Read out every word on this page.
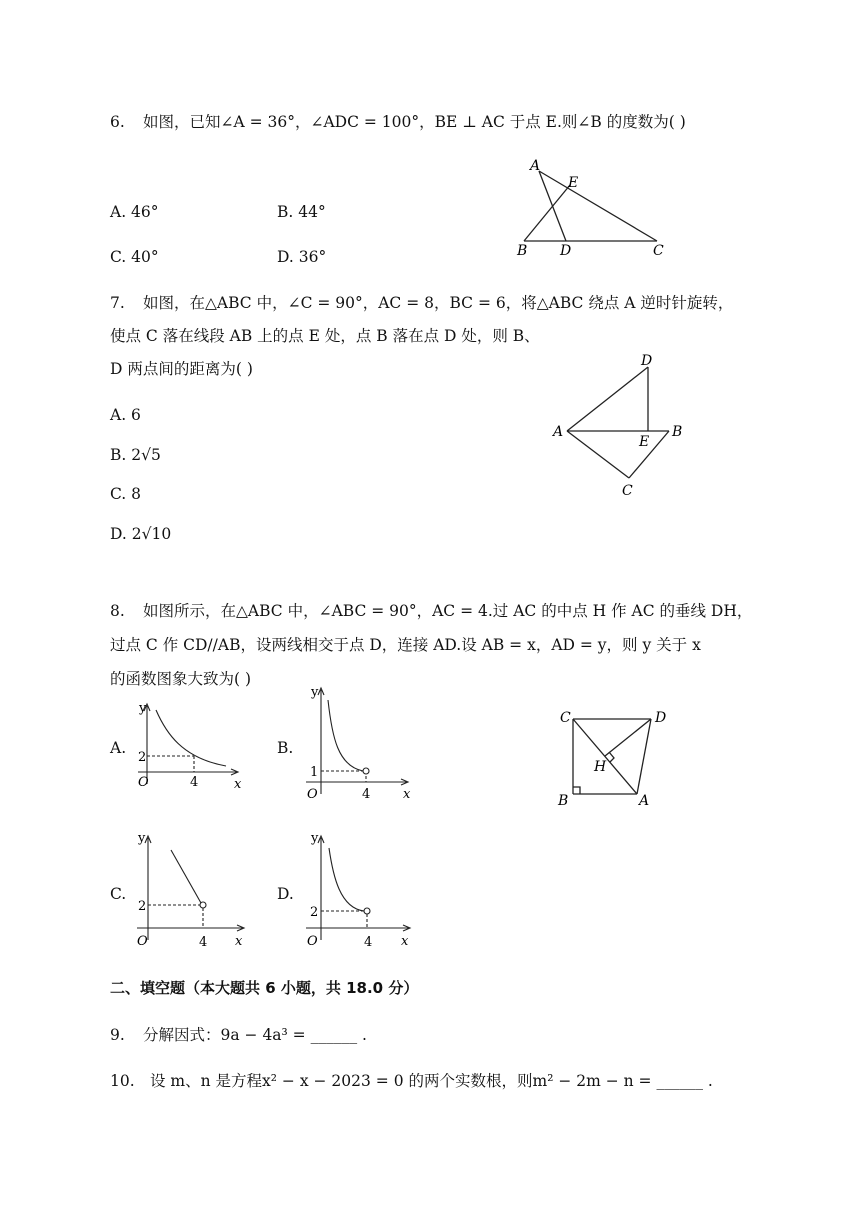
6. 如图，已知∠A = 36°，∠ADC = 100°，BE ⊥ AC 于点 E.则∠B 的度数为( )
A. 46°	B. 44°
C. 40°	D. 36°
A
E
B D	C
7. 如图，在△ABC 中，∠C = 90°，AC = 8，BC = 6，将△ABC 绕点 A 逆时针旋转，
使点 C 落在线段 AB 上的点 E 处，点 B 落在点 D 处，则 B、
D 两点间的距离为( )
A. 6
B. 2√5
C. 8
D. 2√10
D
A
E
B
C
8. 如图所示，在△ABC 中，∠ABC = 90°，AC = 4.过 AC 的中点 H 作 AC 的垂线 DH，
过点 C 作 CD//AB，设两线相交于点 D，连接 AD.设 AB = x，AD = y，则 y 关于 x
的函数图象大致为( )
A.	B.
C.	D.
y
2
O	4	x
y
1
O	4	x
y
2
O	4 x
y
2
O	4 x
C	D
H
B	A
二、填空题（本大题共 6 小题，共 18.0 分）
9. 分解因式：9a − 4a³ = ______ .
10. 设 m、n 是方程x² − x − 2023 = 0 的两个实数根，则m² − 2m − n = ______ .
